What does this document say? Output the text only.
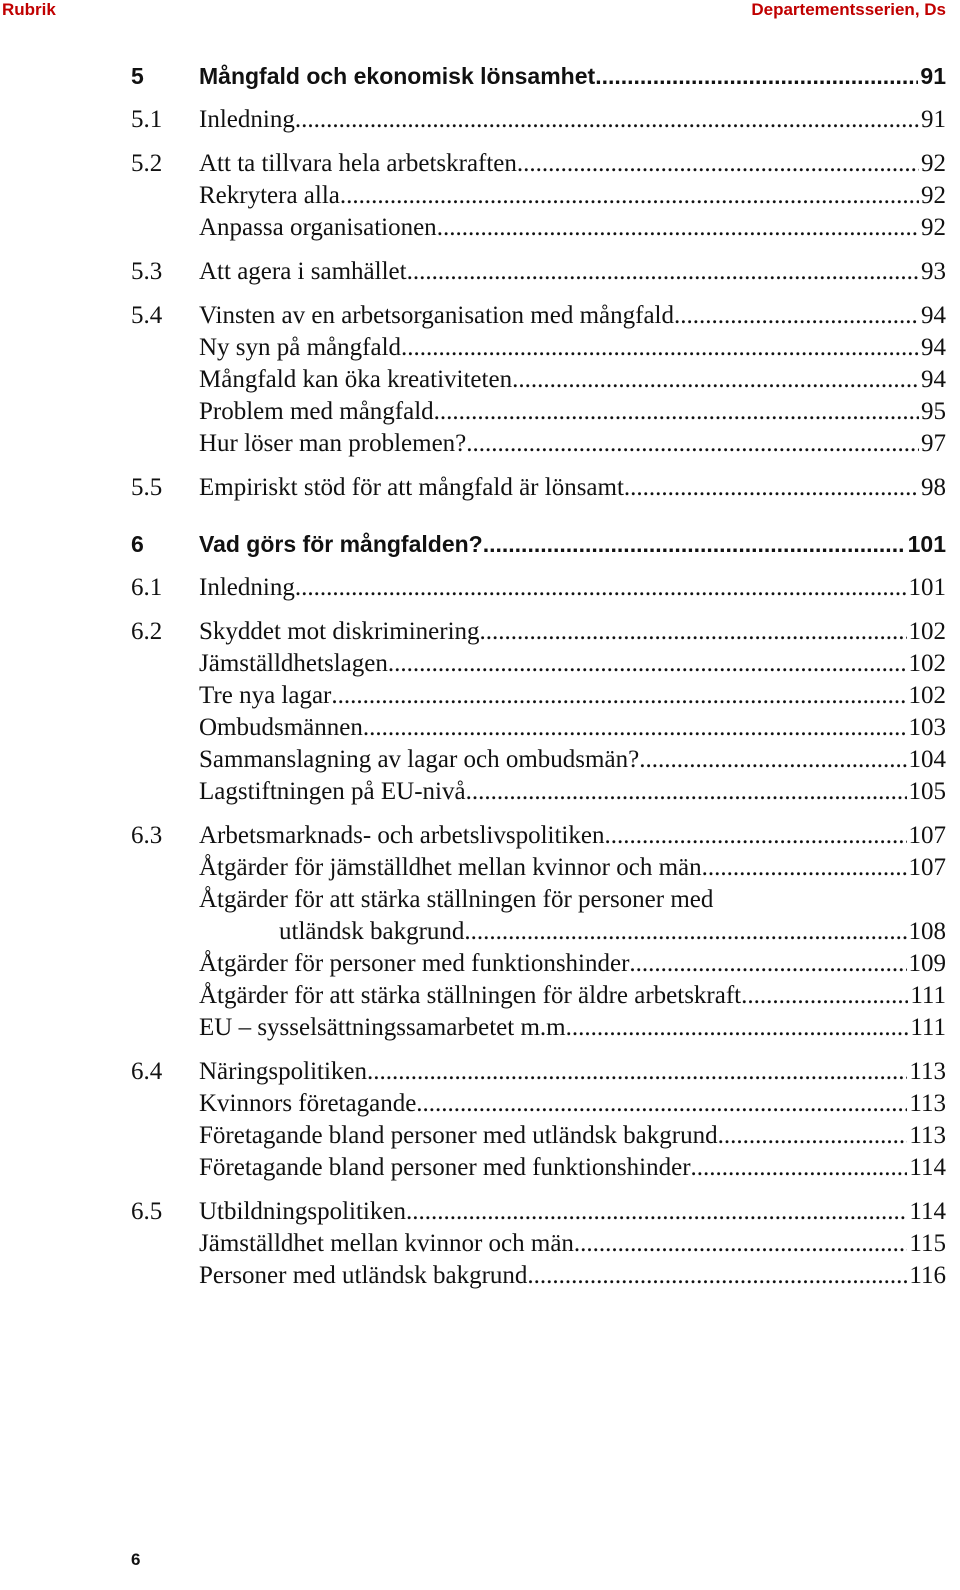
Rubrik	Departementsserien, Ds
5	Mångfald och ekonomisk lönsamhet .....	91
5.1	Inledning .....	91
5.2	Att ta tillvara hela arbetskraften .....	92
Rekrytera alla .....	92
Anpassa organisationen .....	92
5.3	Att agera i samhället .....	93
5.4	Vinsten av en arbetsorganisation med mångfald .....	94
Ny syn på mångfald .....	94
Mångfald kan öka kreativiteten .....	94
Problem med mångfald .....	95
Hur löser man problemen? .....	97
5.5	Empiriskt stöd för att mångfald är lönsamt .....	98
6	Vad görs för mångfalden? .....	101
6.1	Inledning .....	101
6.2	Skyddet mot diskriminering .....	102
Jämställdhetslagen .....	102
Tre nya lagar .....	102
Ombudsmännen .....	103
Sammanslagning av lagar och ombudsmän? .....	104
Lagstiftningen på EU-nivå .....	105
6.3	Arbetsmarknads- och arbetslivspolitiken .....	107
Åtgärder för jämställdhet mellan kvinnor och män .....	107
Åtgärder för att stärka ställningen för personer med
utländsk bakgrund .....	108
Åtgärder för personer med funktionshinder .....	109
Åtgärder för att stärka ställningen för äldre arbetskraft .....	111
EU – sysselsättningssamarbetet m.m. .....	111
6.4	Näringspolitiken .....	113
Kvinnors företagande .....	113
Företagande bland personer med utländsk bakgrund .....	113
Företagande bland personer med funktionshinder .....	114
6.5	Utbildningspolitiken .....	114
Jämställdhet mellan kvinnor och män .....	115
Personer med utländsk bakgrund .....	116
6
